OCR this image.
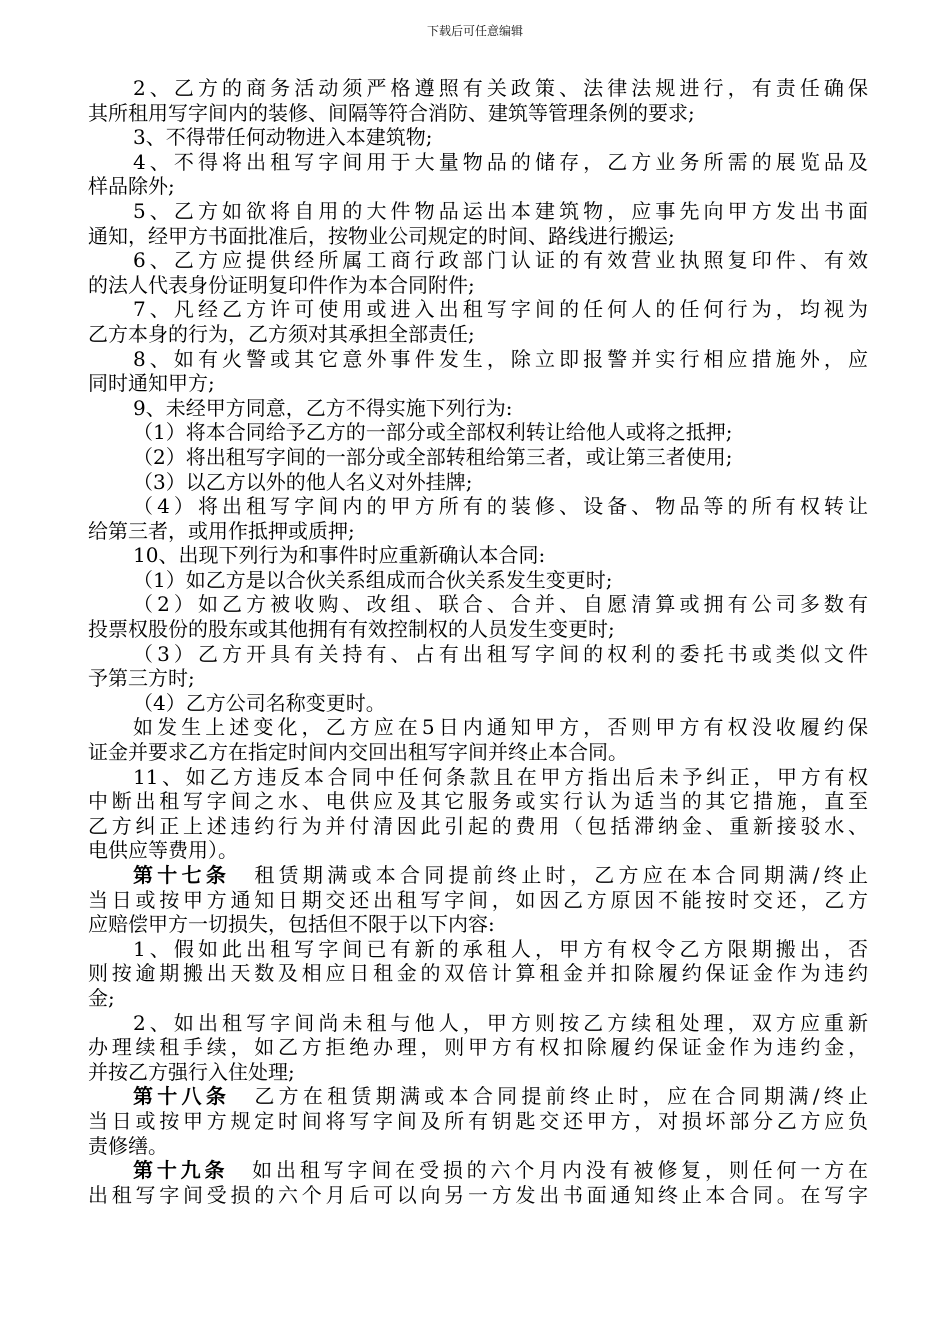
下载后可任意编辑
2、乙方的商务活动须严格遵照有关政策、法律法规进行，有责任确保
其所租用写字间内的装修、间隔等符合消防、建筑等管理条例的要求;
3、不得带任何动物进入本建筑物;
4、不得将出租写字间用于大量物品的储存，乙方业务所需的展览品及
样品除外;
5、乙方如欲将自用的大件物品运出本建筑物，应事先向甲方发出书面
通知，经甲方书面批准后，按物业公司规定的时间、路线进行搬运;
6、乙方应提供经所属工商行政部门认证的有效营业执照复印件、有效
的法人代表身份证明复印件作为本合同附件;
7、凡经乙方许可使用或进入出租写字间的任何人的任何行为，均视为
乙方本身的行为，乙方须对其承担全部责任;
8、如有火警或其它意外事件发生，除立即报警并实行相应措施外，应
同时通知甲方;
9、未经甲方同意，乙方不得实施下列行为:
（1）将本合同给予乙方的一部分或全部权利转让给他人或将之抵押;
（2）将出租写字间的一部分或全部转租给第三者，或让第三者使用;
（3）以乙方以外的他人名义对外挂牌;
（4）将出租写字间内的甲方所有的装修、设备、物品等的所有权转让
给第三者，或用作抵押或质押;
10、出现下列行为和事件时应重新确认本合同:
（1）如乙方是以合伙关系组成而合伙关系发生变更时;
（2）如乙方被收购、改组、联合、合并、自愿清算或拥有公司多数有
投票权股份的股东或其他拥有有效控制权的人员发生变更时;
（3）乙方开具有关持有、占有出租写字间的权利的委托书或类似文件
予第三方时;
（4）乙方公司名称变更时。
如发生上述变化，乙方应在5日内通知甲方，否则甲方有权没收履约保
证金并要求乙方在指定时间内交回出租写字间并终止本合同。
11、如乙方违反本合同中任何条款且在甲方指出后未予纠正，甲方有权
中断出租写字间之水、电供应及其它服务或实行认为适当的其它措施，直至
乙方纠正上述违约行为并付清因此引起的费用（包括滞纳金、重新接驳水、
电供应等费用）。
第十七条 租赁期满或本合同提前终止时，乙方应在本合同期满/终止
当日或按甲方通知日期交还出租写字间，如因乙方原因不能按时交还，乙方
应赔偿甲方一切损失，包括但不限于以下内容:
1、假如此出租写字间已有新的承租人，甲方有权令乙方限期搬出，否
则按逾期搬出天数及相应日租金的双倍计算租金并扣除履约保证金作为违约
金;
2、如出租写字间尚未租与他人，甲方则按乙方续租处理，双方应重新
办理续租手续，如乙方拒绝办理，则甲方有权扣除履约保证金作为违约金，
并按乙方强行入住处理;
第十八条 乙方在租赁期满或本合同提前终止时，应在合同期满/终止
当日或按甲方规定时间将写字间及所有钥匙交还甲方，对损坏部分乙方应负
责修缮。
第十九条 如出租写字间在受损的六个月内没有被修复，则任何一方在
出租写字间受损的六个月后可以向另一方发出书面通知终止本合同。在写字
